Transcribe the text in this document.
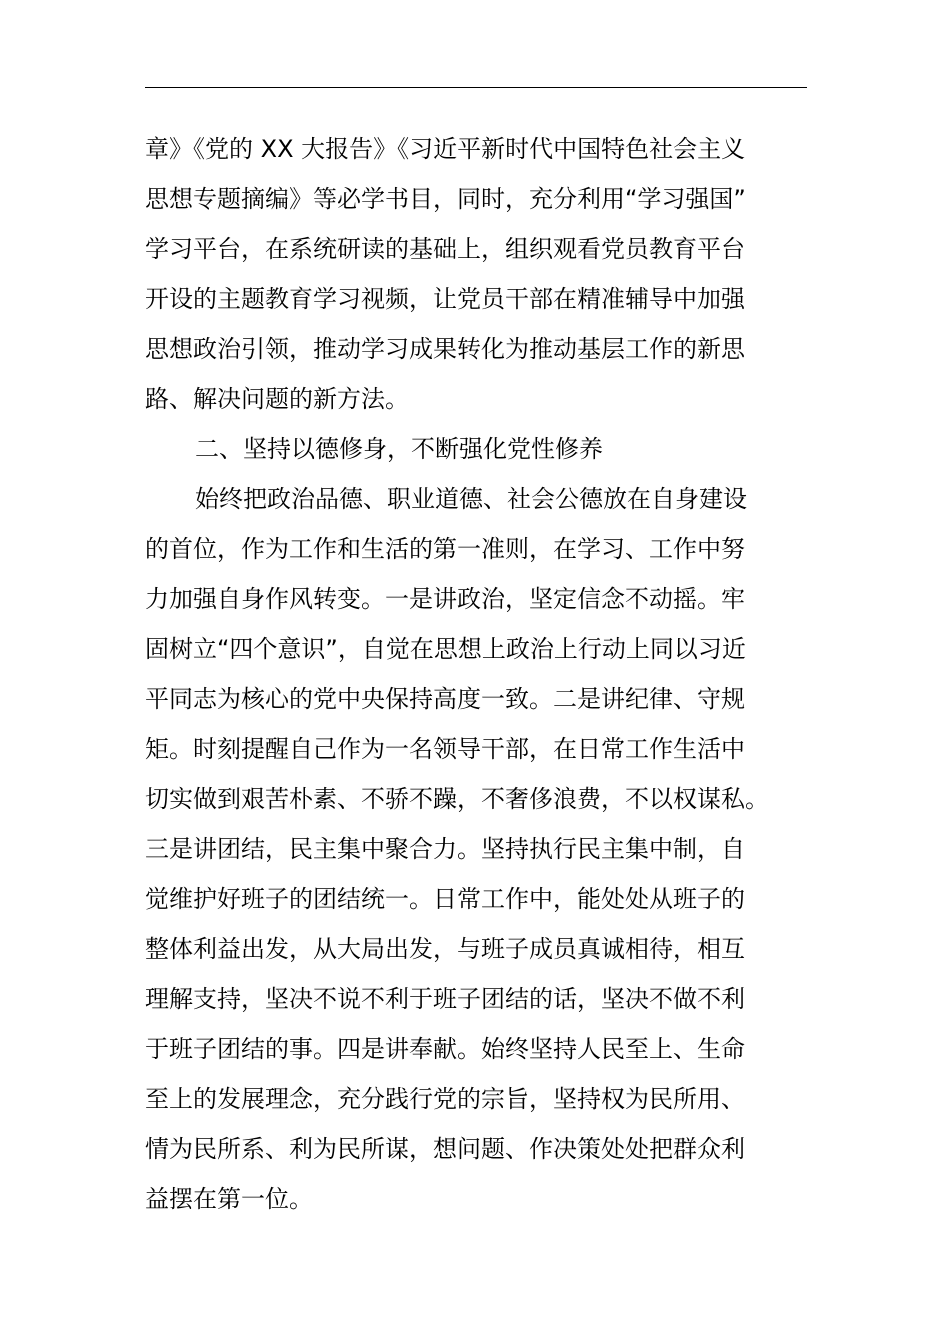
章》《党的 XX 大报告》《习近平新时代中国特色社会主义
思想专题摘编》等必学书目，同时，充分利用“学习强国”
学习平台，在系统研读的基础上，组织观看党员教育平台
开设的主题教育学习视频，让党员干部在精准辅导中加强
思想政治引领，推动学习成果转化为推动基层工作的新思
路、解决问题的新方法。
二、坚持以德修身，不断强化党性修养
始终把政治品德、职业道德、社会公德放在自身建设
的首位，作为工作和生活的第一准则，在学习、工作中努
力加强自身作风转变。一是讲政治，坚定信念不动摇。牢
固树立“四个意识”，自觉在思想上政治上行动上同以习近
平同志为核心的党中央保持高度一致。二是讲纪律、守规
矩。时刻提醒自己作为一名领导干部，在日常工作生活中
切实做到艰苦朴素、不骄不躁，不奢侈浪费，不以权谋私。
三是讲团结，民主集中聚合力。坚持执行民主集中制，自
觉维护好班子的团结统一。日常工作中，能处处从班子的
整体利益出发，从大局出发，与班子成员真诚相待，相互
理解支持，坚决不说不利于班子团结的话，坚决不做不利
于班子团结的事。四是讲奉献。始终坚持人民至上、生命
至上的发展理念，充分践行党的宗旨，坚持权为民所用、
情为民所系、利为民所谋，想问题、作决策处处把群众利
益摆在第一位。
